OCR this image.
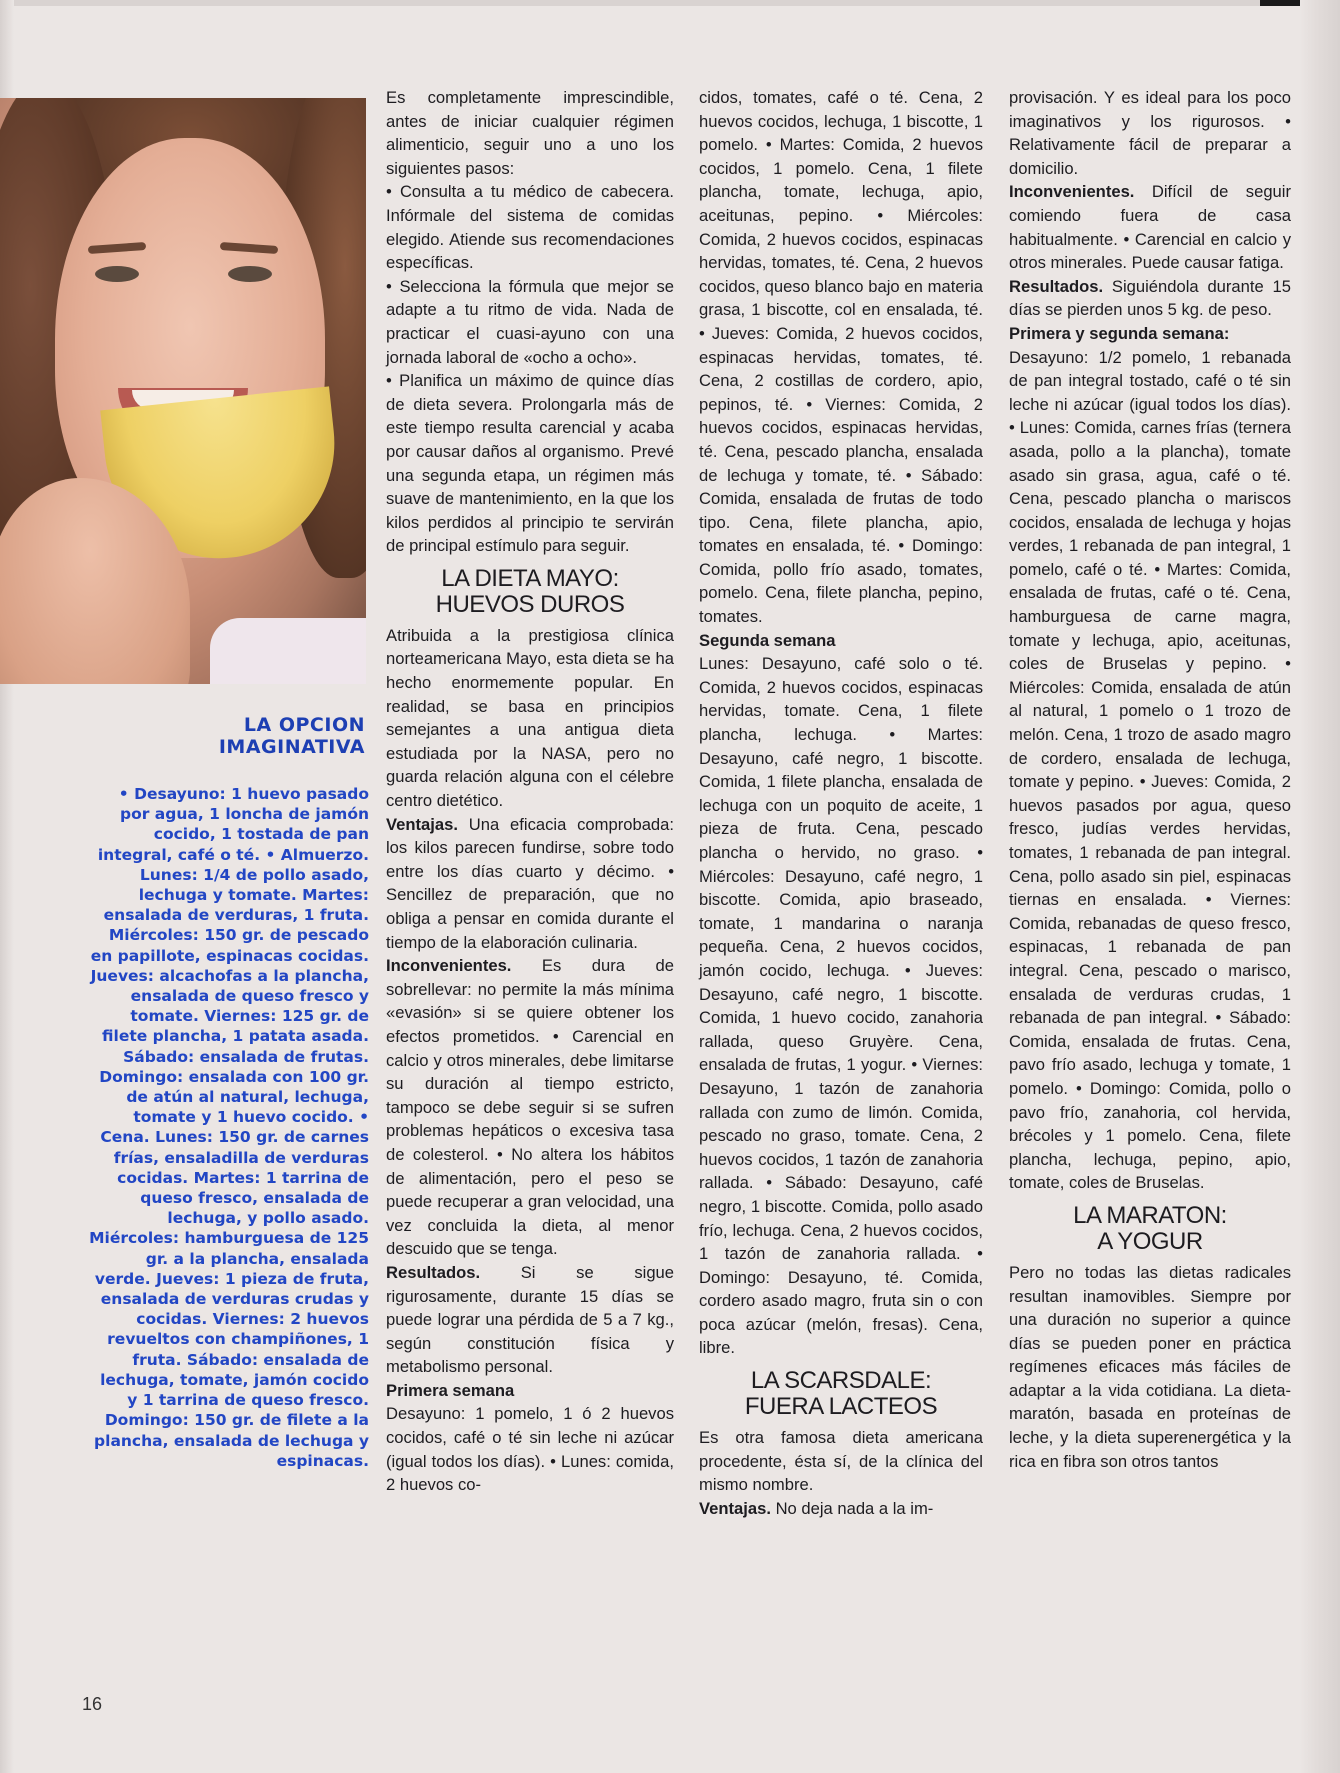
LA OPCION IMAGINATIVA
• Desayuno: 1 huevo pasado por agua, 1 loncha de jamón cocido, 1 tostada de pan integral, café o té. • Almuerzo. Lunes: 1/4 de pollo asado, lechuga y tomate. Martes: ensalada de verduras, 1 fruta. Miércoles: 150 gr. de pescado en papillote, espinacas cocidas. Jueves: alcachofas a la plancha, ensalada de queso fresco y tomate. Viernes: 125 gr. de filete plancha, 1 patata asada. Sábado: ensalada de frutas. Domingo: ensalada con 100 gr. de atún al natural, lechuga, tomate y 1 huevo cocido. • Cena. Lunes: 150 gr. de carnes frías, ensaladilla de verduras cocidas. Martes: 1 tarrina de queso fresco, ensalada de lechuga, y pollo asado. Miércoles: hamburguesa de 125 gr. a la plancha, ensalada verde. Jueves: 1 pieza de fruta, ensalada de verduras crudas y cocidas. Viernes: 2 huevos revueltos con champiñones, 1 fruta. Sábado: ensalada de lechuga, tomate, jamón cocido y 1 tarrina de queso fresco. Domingo: 150 gr. de filete a la plancha, ensalada de lechuga y espinacas.

Es completamente imprescindible, antes de iniciar cualquier régimen alimenticio, seguir uno a uno los siguientes pasos:

• Consulta a tu médico de cabecera. Infórmale del sistema de comidas elegido. Atiende sus recomendaciones específicas.

• Selecciona la fórmula que mejor se adapte a tu ritmo de vida. Nada de practicar el cuasi-ayuno con una jornada laboral de «ocho a ocho».

• Planifica un máximo de quince días de dieta severa. Prolongarla más de este tiempo resulta carencial y acaba por causar daños al organismo. Prevé una segunda etapa, un régimen más suave de mantenimiento, en la que los kilos perdidos al principio te servirán de principal estímulo para seguir.

LA DIETA MAYO:
HUEVOS DUROS

Atribuida a la prestigiosa clínica norteamericana Mayo, esta dieta se ha hecho enormemente popular. En realidad, se basa en principios semejantes a una antigua dieta estudiada por la NASA, pero no guarda relación alguna con el célebre centro dietético.

Ventajas. Una eficacia comprobada: los kilos parecen fundirse, sobre todo entre los días cuarto y décimo. • Sencillez de preparación, que no obliga a pensar en comida durante el tiempo de la elaboración culinaria.

Inconvenientes. Es dura de sobrellevar: no permite la más mínima «evasión» si se quiere obtener los efectos prometidos. • Carencial en calcio y otros minerales, debe limitarse su duración al tiempo estricto, tampoco se debe seguir si se sufren problemas hepáticos o excesiva tasa de colesterol. • No altera los hábitos de alimentación, pero el peso se puede recuperar a gran velocidad, una vez concluida la dieta, al menor descuido que se tenga.

Resultados. Si se sigue rigurosamente, durante 15 días se puede lograr una pérdida de 5 a 7 kg., según constitución física y metabolismo personal.

Primera semana

Desayuno: 1 pomelo, 1 ó 2 huevos cocidos, café o té sin leche ni azúcar (igual todos los días). • Lunes: comida, 2 huevos co-

cidos, tomates, café o té. Cena, 2 huevos cocidos, lechuga, 1 biscotte, 1 pomelo. • Martes: Comida, 2 huevos cocidos, 1 pomelo. Cena, 1 filete plancha, tomate, lechuga, apio, aceitunas, pepino. • Miércoles: Comida, 2 huevos cocidos, espinacas hervidas, tomates, té. Cena, 2 huevos cocidos, queso blanco bajo en materia grasa, 1 biscotte, col en ensalada, té. • Jueves: Comida, 2 huevos cocidos, espinacas hervidas, tomates, té. Cena, 2 costillas de cordero, apio, pepinos, té. • Viernes: Comida, 2 huevos cocidos, espinacas hervidas, té. Cena, pescado plancha, ensalada de lechuga y tomate, té. • Sábado: Comida, ensalada de frutas de todo tipo. Cena, filete plancha, apio, tomates en ensalada, té. • Domingo: Comida, pollo frío asado, tomates, pomelo. Cena, filete plancha, pepino, tomates.

Segunda semana

Lunes: Desayuno, café solo o té. Comida, 2 huevos cocidos, espinacas hervidas, tomate. Cena, 1 filete plancha, lechuga. • Martes: Desayuno, café negro, 1 biscotte. Comida, 1 filete plancha, ensalada de lechuga con un poquito de aceite, 1 pieza de fruta. Cena, pescado plancha o hervido, no graso. • Miércoles: Desayuno, café negro, 1 biscotte. Comida, apio braseado, tomate, 1 mandarina o naranja pequeña. Cena, 2 huevos cocidos, jamón cocido, lechuga. • Jueves: Desayuno, café negro, 1 biscotte. Comida, 1 huevo cocido, zanahoria rallada, queso Gruyère. Cena, ensalada de frutas, 1 yogur. • Viernes: Desayuno, 1 tazón de zanahoria rallada con zumo de limón. Comida, pescado no graso, tomate. Cena, 2 huevos cocidos, 1 tazón de zanahoria rallada. • Sábado: Desayuno, café negro, 1 biscotte. Comida, pollo asado frío, lechuga. Cena, 2 huevos cocidos, 1 tazón de zanahoria rallada. • Domingo: Desayuno, té. Comida, cordero asado magro, fruta sin o con poca azúcar (melón, fresas). Cena, libre.

LA SCARSDALE:
FUERA LACTEOS

Es otra famosa dieta americana procedente, ésta sí, de la clínica del mismo nombre.

Ventajas. No deja nada a la im-

provisación. Y es ideal para los poco imaginativos y los rigurosos. • Relativamente fácil de preparar a domicilio.

Inconvenientes. Difícil de seguir comiendo fuera de casa habitualmente. • Carencial en calcio y otros minerales. Puede causar fatiga.

Resultados. Siguiéndola durante 15 días se pierden unos 5 kg. de peso.

Primera y segunda semana:

Desayuno: 1/2 pomelo, 1 rebanada de pan integral tostado, café o té sin leche ni azúcar (igual todos los días). • Lunes: Comida, carnes frías (ternera asada, pollo a la plancha), tomate asado sin grasa, agua, café o té. Cena, pescado plancha o mariscos cocidos, ensalada de lechuga y hojas verdes, 1 rebanada de pan integral, 1 pomelo, café o té. • Martes: Comida, ensalada de frutas, café o té. Cena, hamburguesa de carne magra, tomate y lechuga, apio, aceitunas, coles de Bruselas y pepino. • Miércoles: Comida, ensalada de atún al natural, 1 pomelo o 1 trozo de melón. Cena, 1 trozo de asado magro de cordero, ensalada de lechuga, tomate y pepino. • Jueves: Comida, 2 huevos pasados por agua, queso fresco, judías verdes hervidas, tomates, 1 rebanada de pan integral. Cena, pollo asado sin piel, espinacas tiernas en ensalada. • Viernes: Comida, rebanadas de queso fresco, espinacas, 1 rebanada de pan integral. Cena, pescado o marisco, ensalada de verduras crudas, 1 rebanada de pan integral. • Sábado: Comida, ensalada de frutas. Cena, pavo frío asado, lechuga y tomate, 1 pomelo. • Domingo: Comida, pollo o pavo frío, zanahoria, col hervida, brécoles y 1 pomelo. Cena, filete plancha, lechuga, pepino, apio, tomate, coles de Bruselas.

LA MARATON:
A YOGUR

Pero no todas las dietas radicales resultan inamovibles. Siempre por una duración no superior a quince días se pueden poner en práctica regímenes eficaces más fáciles de adaptar a la vida cotidiana. La dieta-maratón, basada en proteínas de leche, y la dieta superenergética y la rica en fibra son otros tantos

16
